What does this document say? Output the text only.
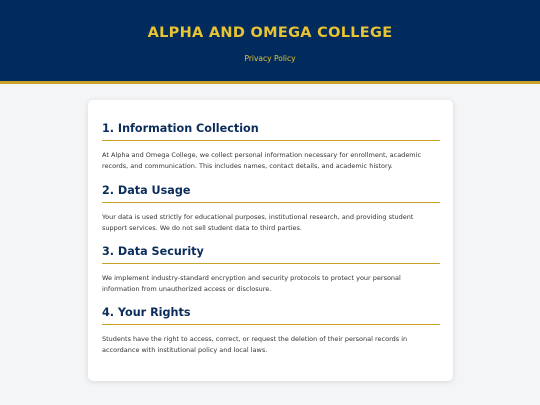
ALPHA AND OMEGA COLLEGE
Privacy Policy
1. Information Collection

At Alpha and Omega College, we collect personal information necessary for enrollment, academic records, and communication. This includes names, contact details, and academic history.

2. Data Usage

Your data is used strictly for educational purposes, institutional research, and providing student support services. We do not sell student data to third parties.

3. Data Security

We implement industry-standard encryption and security protocols to protect your personal information from unauthorized access or disclosure.

4. Your Rights

Students have the right to access, correct, or request the deletion of their personal records in accordance with institutional policy and local laws.
